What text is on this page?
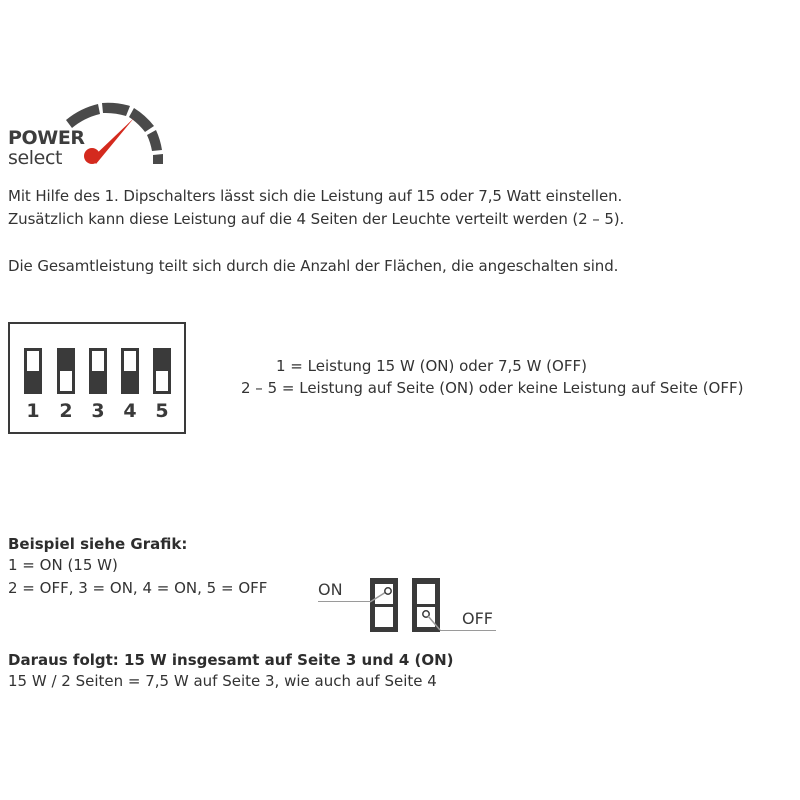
POWER
select
Mit Hilfe des 1. Dipschalters lässt sich die Leistung auf 15 oder 7,5 Watt einstellen.
Zusätzlich kann diese Leistung auf die 4 Seiten der Leuchte verteilt werden (2 – 5).
Die Gesamtleistung teilt sich durch die Anzahl der Flächen, die angeschalten sind.
1 2 3 4 5
1 = Leistung 15 W (ON) oder 7,5 W (OFF)
2 – 5 = Leistung auf Seite (ON) oder keine Leistung auf Seite (OFF)
Beispiel siehe Grafik:
1 = ON (15 W)
2 = OFF, 3 = ON, 4 = ON, 5 = OFF	ON
OFF
Daraus folgt: 15 W insgesamt auf Seite 3 und 4 (ON)
15 W / 2 Seiten = 7,5 W auf Seite 3, wie auch auf Seite 4
